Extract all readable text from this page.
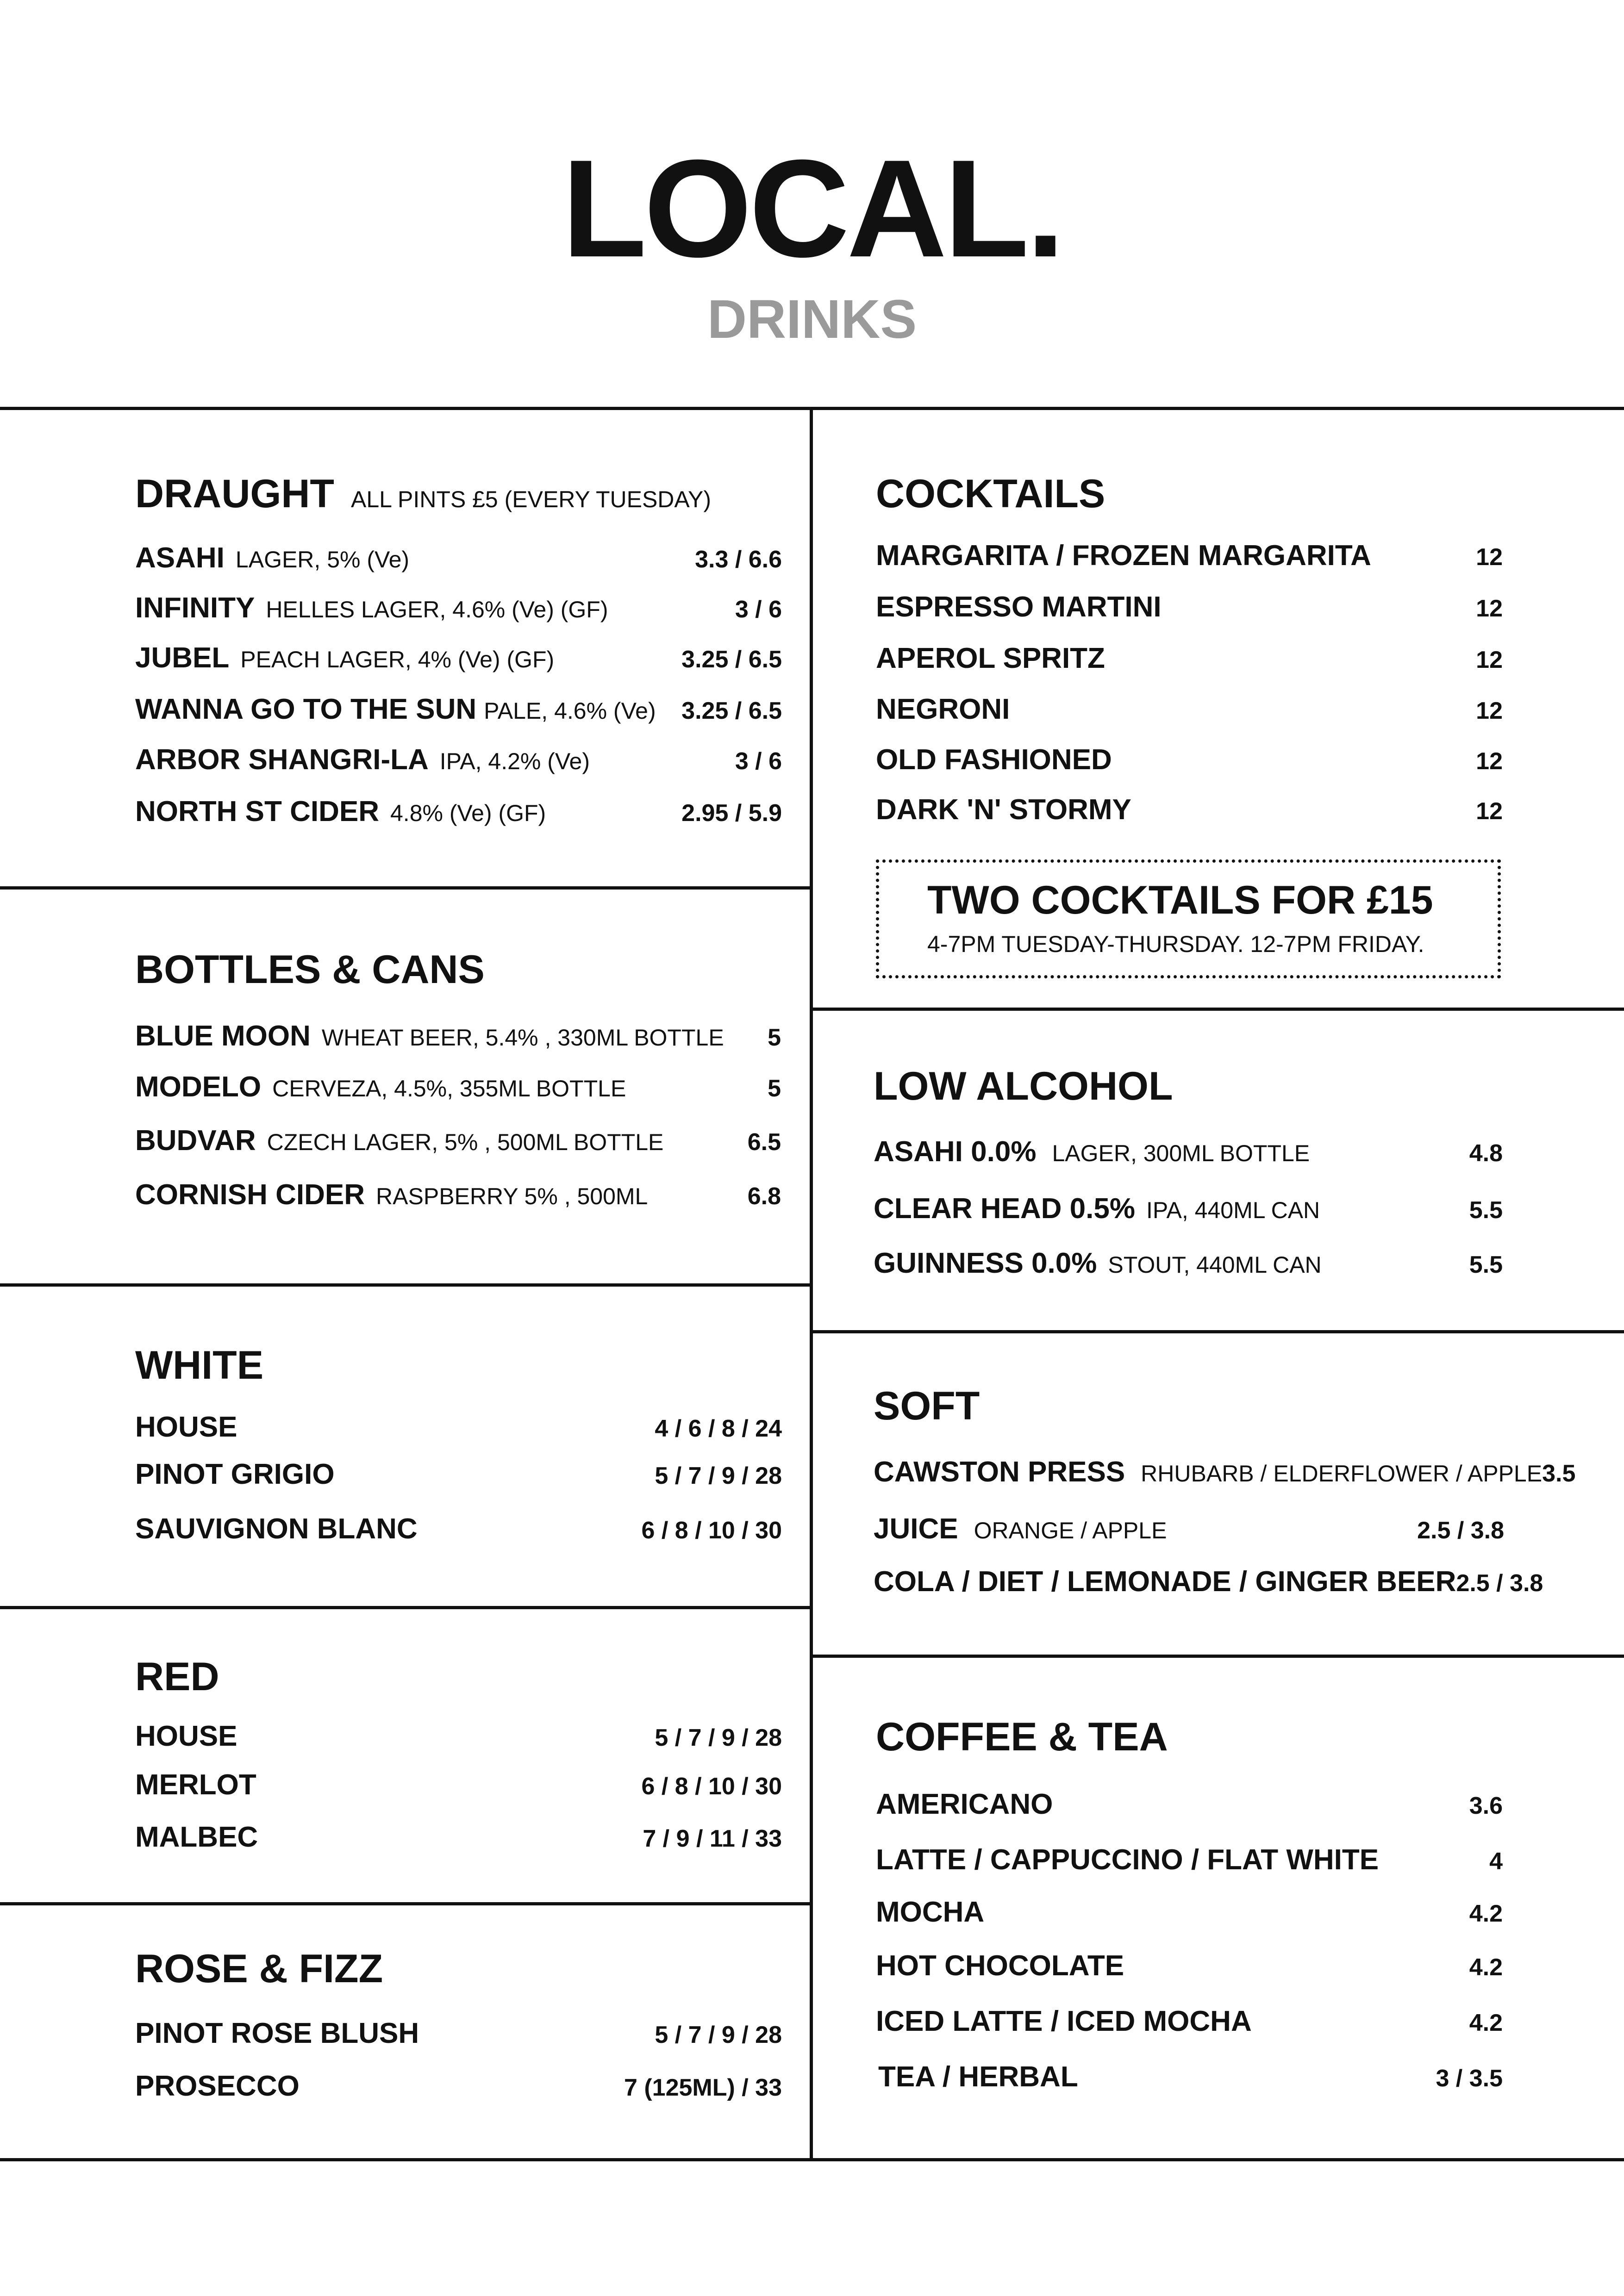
LOCAL.
DRINKS
DRAUGHT ALL PINTS £5 (EVERY TUESDAY)
ASAHI LAGER, 5% (Ve)	3.3 / 6.6
INFINITY HELLES LAGER, 4.6% (Ve) (GF)	3 / 6
JUBEL PEACH LAGER, 4% (Ve) (GF)	3.25 / 6.5
WANNA GO TO THE SUN PALE, 4.6% (Ve) 3.25 / 6.5
ARBOR SHANGRI-LA IPA, 4.2% (Ve)	3 / 6
NORTH ST CIDER 4.8% (Ve) (GF)	2.95 / 5.9
BOTTLES & CANS
BLUE MOON WHEAT BEER, 5.4% , 330ML BOTTLE 5
MODELO CERVEZA, 4.5%, 355ML BOTTLE	5
BUDVAR CZECH LAGER, 5% , 500ML BOTTLE	6.5
CORNISH CIDER RASPBERRY 5% , 500ML	6.8
WHITE
HOUSE	4 / 6 / 8 / 24
PINOT GRIGIO	5 / 7 / 9 / 28
SAUVIGNON BLANC	6 / 8 / 10 / 30
RED
HOUSE	5 / 7 / 9 / 28
MERLOT	6 / 8 / 10 / 30
MALBEC	7 / 9 / 11 / 33
ROSE & FIZZ
PINOT ROSE BLUSH	5 / 7 / 9 / 28
PROSECCO	7 (125ML) / 33
COCKTAILS
MARGARITA / FROZEN MARGARITA	12
ESPRESSO MARTINI	12
APEROL SPRITZ	12
NEGRONI	12
OLD FASHIONED	12
DARK 'N' STORMY	12
TWO COCKTAILS FOR £15
4-7PM TUESDAY-THURSDAY. 12-7PM FRIDAY.
LOW ALCOHOL
ASAHI 0.0% LAGER, 300ML BOTTLE	4.8
CLEAR HEAD 0.5% IPA, 440ML CAN	5.5
GUINNESS 0.0% STOUT, 440ML CAN	5.5
SOFT
CAWSTON PRESS RHUBARB / ELDERFLOWER / APPLE 3.5
JUICE ORANGE / APPLE	2.5 / 3.8
COLA / DIET / LEMONADE / GINGER BEER 2.5 / 3.8
COFFEE & TEA
AMERICANO	3.6
LATTE / CAPPUCCINO / FLAT WHITE	4
MOCHA	4.2
HOT CHOCOLATE	4.2
ICED LATTE / ICED MOCHA	4.2
TEA / HERBAL	3 / 3.5
